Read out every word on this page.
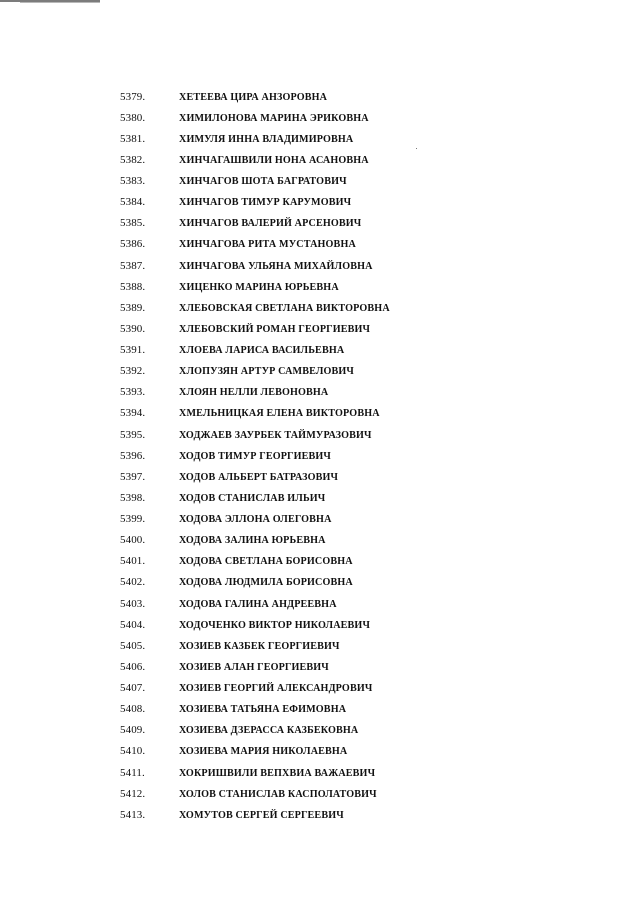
5379.	ХЕТЕЕВА ЦИРА АНЗОРОВНА
5380.	ХИМИЛОНОВА МАРИНА ЭРИКОВНА
5381.	ХИМУЛЯ ИННА ВЛАДИМИРОВНА
5382.	ХИНЧАГАШВИЛИ НОНА АСАНОВНА
5383.	ХИНЧАГОВ ШОТА БАГРАТОВИЧ
5384.	ХИНЧАГОВ ТИМУР КАРУМОВИЧ
5385.	ХИНЧАГОВ ВАЛЕРИЙ АРСЕНОВИЧ
5386.	ХИНЧАГОВА РИТА МУСТАНОВНА
5387.	ХИНЧАГОВА УЛЬЯНА МИХАЙЛОВНА
5388.	ХИЦЕНКО МАРИНА ЮРЬЕВНА
5389.	ХЛЕБОВСКАЯ СВЕТЛАНА ВИКТОРОВНА
5390.	ХЛЕБОВСКИЙ РОМАН ГЕОРГИЕВИЧ
5391.	ХЛОЕВА ЛАРИСА ВАСИЛЬЕВНА
5392.	ХЛОПУЗЯН АРТУР САМВЕЛОВИЧ
5393.	ХЛОЯН НЕЛЛИ ЛЕВОНОВНА
5394.	ХМЕЛЬНИЦКАЯ ЕЛЕНА ВИКТОРОВНА
5395.	ХОДЖАЕВ ЗАУРБЕК ТАЙМУРАЗОВИЧ
5396.	ХОДОВ ТИМУР ГЕОРГИЕВИЧ
5397.	ХОДОВ АЛЬБЕРТ БАТРАЗОВИЧ
5398.	ХОДОВ СТАНИСЛАВ ИЛЬИЧ
5399.	ХОДОВА ЭЛЛОНА ОЛЕГОВНА
5400.	ХОДОВА ЗАЛИНА ЮРЬЕВНА
5401.	ХОДОВА СВЕТЛАНА БОРИСОВНА
5402.	ХОДОВА ЛЮДМИЛА БОРИСОВНА
5403.	ХОДОВА ГАЛИНА АНДРЕЕВНА
5404.	ХОДОЧЕНКО ВИКТОР НИКОЛАЕВИЧ
5405.	ХОЗИЕВ КАЗБЕК ГЕОРГИЕВИЧ
5406.	ХОЗИЕВ АЛАН ГЕОРГИЕВИЧ
5407.	ХОЗИЕВ ГЕОРГИЙ АЛЕКСАНДРОВИЧ
5408.	ХОЗИЕВА ТАТЬЯНА ЕФИМОВНА
5409.	ХОЗИЕВА ДЗЕРАССА КАЗБЕКОВНА
5410.	ХОЗИЕВА МАРИЯ НИКОЛАЕВНА
5411.	ХОКРИШВИЛИ ВЕПХВИА ВАЖАЕВИЧ
5412.	ХОЛОВ СТАНИСЛАВ КАСПОЛАТОВИЧ
5413.	ХОМУТОВ СЕРГЕЙ СЕРГЕЕВИЧ
